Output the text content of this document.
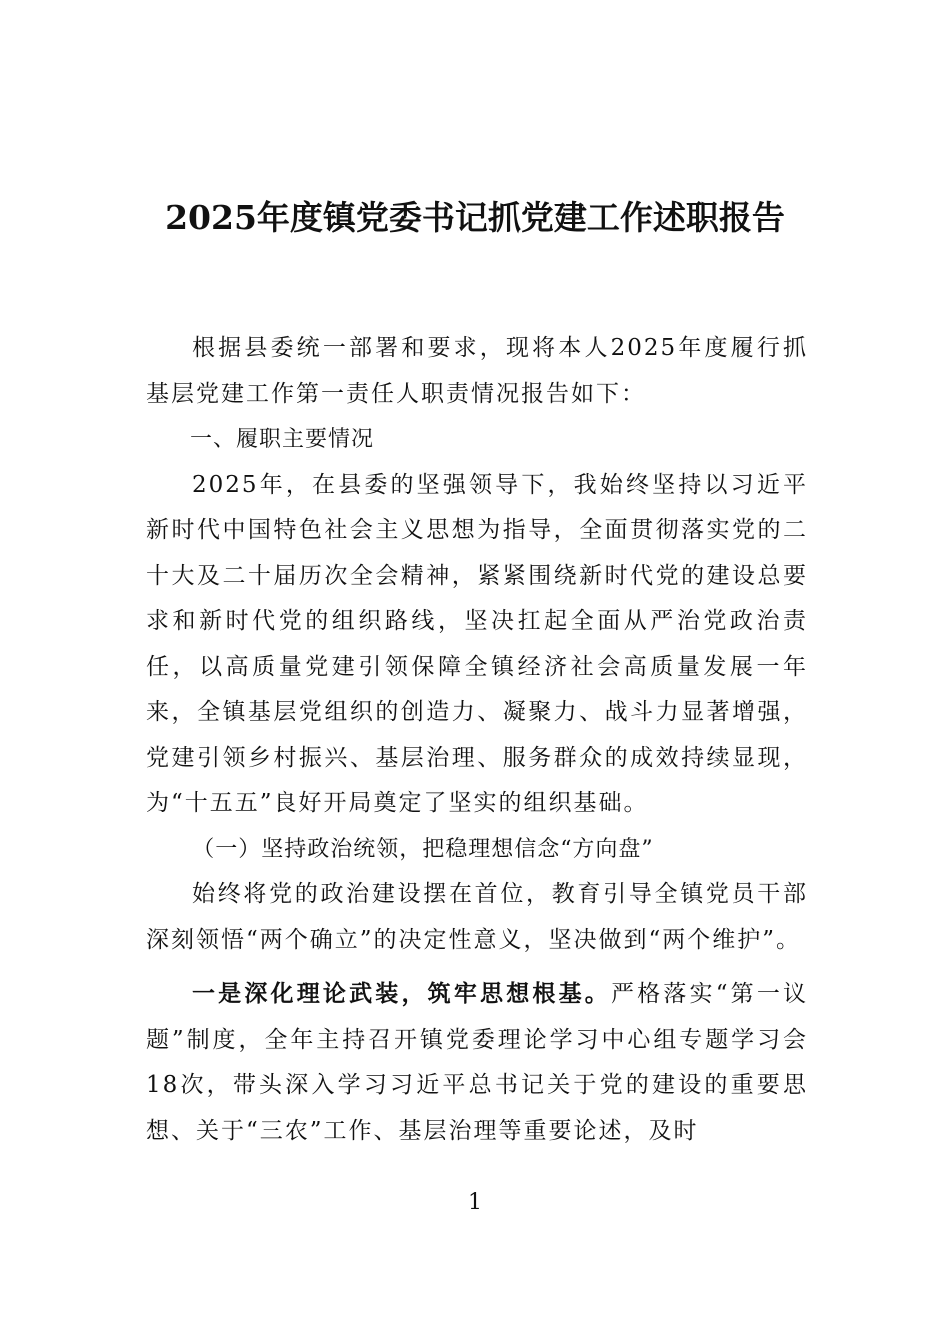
2025年度镇党委书记抓党建工作述职报告

根据县委统一部署和要求，现将本人2025年度履行抓基层党建工作第一责任人职责情况报告如下：

一、履职主要情况

2025年，在县委的坚强领导下，我始终坚持以习近平新时代中国特色社会主义思想为指导，全面贯彻落实党的二十大及二十届历次全会精神，紧紧围绕新时代党的建设总要求和新时代党的组织路线，坚决扛起全面从严治党政治责任，以高质量党建引领保障全镇经济社会高质量发展一年来，全镇基层党组织的创造力、凝聚力、战斗力显著增强，党建引领乡村振兴、基层治理、服务群众的成效持续显现，为“十五五”良好开局奠定了坚实的组织基础。

（一）坚持政治统领，把稳理想信念“方向盘”

始终将党的政治建设摆在首位，教育引导全镇党员干部深刻领悟“两个确立”的决定性意义，坚决做到“两个维护”。

一是深化理论武装，筑牢思想根基。严格落实“第一议题”制度，全年主持召开镇党委理论学习中心组专题学习会18次，带头深入学习习近平总书记关于党的建设的重要思想、关于“三农”工作、基层治理等重要论述，及时

1
